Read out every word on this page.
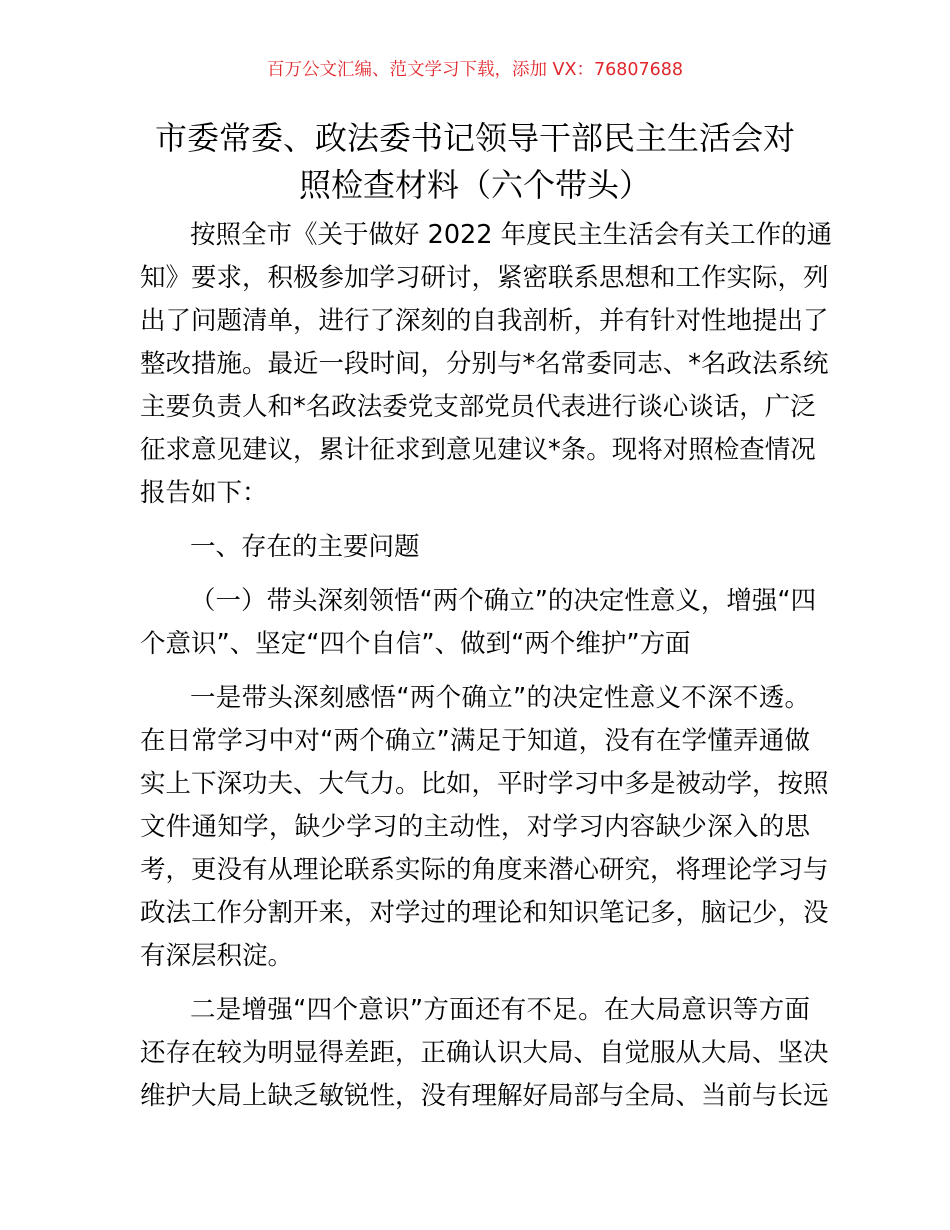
百万公文汇编、范文学习下载，添加 VX：76807688
市委常委、政法委书记领导干部民主生活会对
照检查材料（六个带头）
按照全市《关于做好 2022 年度民主生活会有关工作的通
知》要求，积极参加学习研讨，紧密联系思想和工作实际，列
出了问题清单，进行了深刻的自我剖析，并有针对性地提出了
整改措施。最近一段时间，分别与*名常委同志、*名政法系统
主要负责人和*名政法委党支部党员代表进行谈心谈话，广泛
征求意见建议，累计征求到意见建议*条。现将对照检查情况
报告如下：
一、存在的主要问题
（一）带头深刻领悟“两个确立”的决定性意义，增强“四
个意识”、坚定“四个自信”、做到“两个维护”方面
一是带头深刻感悟“两个确立”的决定性意义不深不透。
在日常学习中对“两个确立”满足于知道，没有在学懂弄通做
实上下深功夫、大气力。比如，平时学习中多是被动学，按照
文件通知学，缺少学习的主动性，对学习内容缺少深入的思
考，更没有从理论联系实际的角度来潜心研究，将理论学习与
政法工作分割开来，对学过的理论和知识笔记多，脑记少，没
有深层积淀。
二是增强“四个意识”方面还有不足。在大局意识等方面
还存在较为明显得差距，正确认识大局、自觉服从大局、坚决
维护大局上缺乏敏锐性，没有理解好局部与全局、当前与长远
